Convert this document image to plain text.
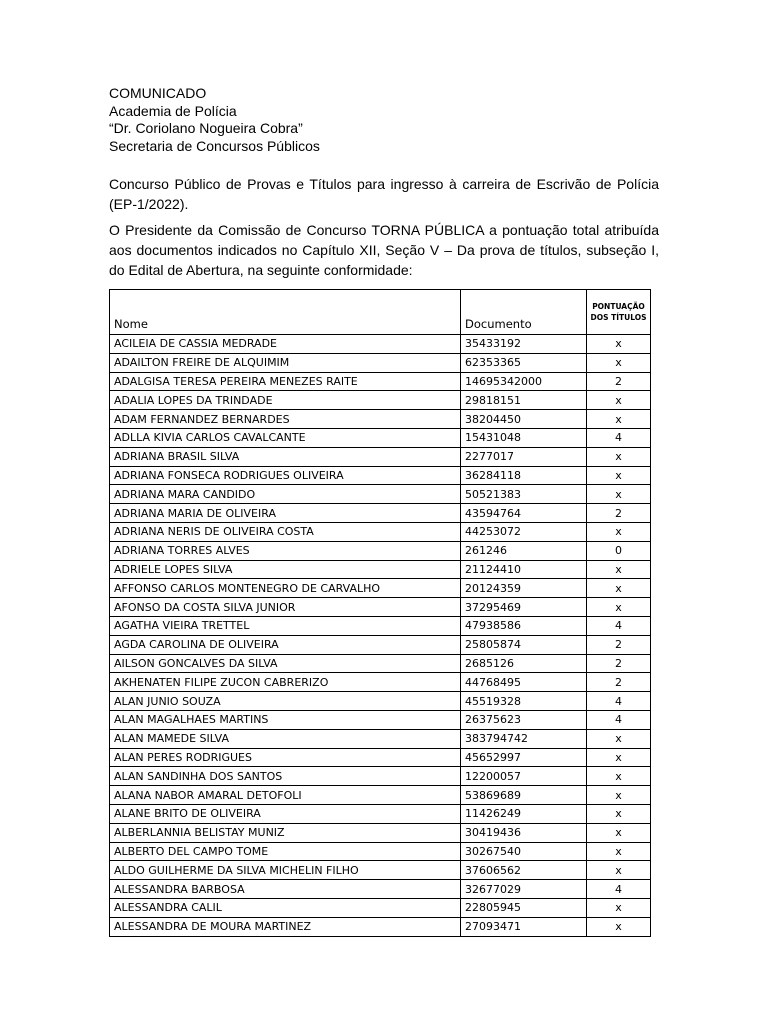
COMUNICADO
Academia de Polícia
“Dr. Coriolano Nogueira Cobra”
Secretaria de Concursos Públicos
Concurso Público de Provas e Títulos para ingresso à carreira de Escrivão de Polícia (EP-1/2022).
O Presidente da Comissão de Concurso TORNA PÚBLICA a pontuação total atribuída aos documentos indicados no Capítulo XII, Seção V – Da prova de títulos, subseção I, do Edital de Abertura, na seguinte conformidade:
Nome	Documento	PONTUAÇÃO DOS TÍTULOS
ACILEIA DE CASSIA MEDRADE	35433192	x
ADAILTON FREIRE DE ALQUIMIM	62353365	x
ADALGISA TERESA PEREIRA MENEZES RAITE	14695342000	2
ADALIA LOPES DA TRINDADE	29818151	x
ADAM FERNANDEZ BERNARDES	38204450	x
ADLLA KIVIA CARLOS CAVALCANTE	15431048	4
ADRIANA BRASIL SILVA	2277017	x
ADRIANA FONSECA RODRIGUES OLIVEIRA	36284118	x
ADRIANA MARA CANDIDO	50521383	x
ADRIANA MARIA DE OLIVEIRA	43594764	2
ADRIANA NERIS DE OLIVEIRA COSTA	44253072	x
ADRIANA TORRES ALVES	261246	0
ADRIELE LOPES SILVA	21124410	x
AFFONSO CARLOS MONTENEGRO DE CARVALHO	20124359	x
AFONSO DA COSTA SILVA JUNIOR	37295469	x
AGATHA VIEIRA TRETTEL	47938586	4
AGDA CAROLINA DE OLIVEIRA	25805874	2
AILSON GONCALVES DA SILVA	2685126	2
AKHENATEN FILIPE ZUCON CABRERIZO	44768495	2
ALAN JUNIO SOUZA	45519328	4
ALAN MAGALHAES MARTINS	26375623	4
ALAN MAMEDE SILVA	383794742	x
ALAN PERES RODRIGUES	45652997	x
ALAN SANDINHA DOS SANTOS	12200057	x
ALANA NABOR AMARAL DETOFOLI	53869689	x
ALANE BRITO DE OLIVEIRA	11426249	x
ALBERLANNIA BELISTAY MUNIZ	30419436	x
ALBERTO DEL CAMPO TOME	30267540	x
ALDO GUILHERME DA SILVA MICHELIN FILHO	37606562	x
ALESSANDRA BARBOSA	32677029	4
ALESSANDRA CALIL	22805945	x
ALESSANDRA DE MOURA MARTINEZ	27093471	x
